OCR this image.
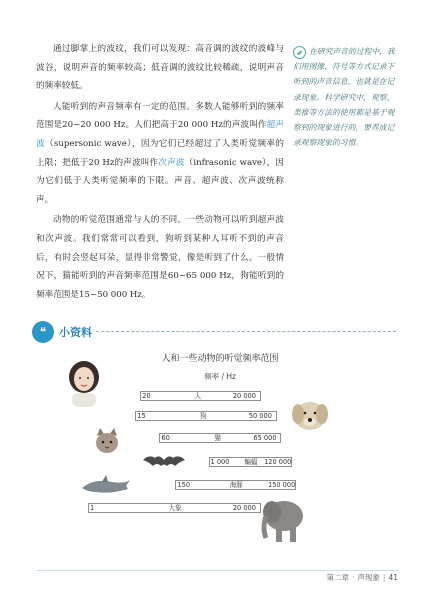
通过脚掌上的波纹，我们可以发现：高音调的波纹的波峰与波谷，说明声音的频率较高；低音调的波纹比较稀疏，说明声音的频率较低。

人能听到的声音频率有一定的范围。多数人能够听到的频率范围是20~20 000 Hz。人们把高于20 000 Hz的声波叫作超声波（supersonic wave），因为它们已经超过了人类听觉频率的上限；把低于20 Hz的声波叫作次声波（infrasonic wave），因为它们低于人类听觉频率的下限。声音、超声波、次声波统称声。

动物的听觉范围通常与人的不同。一些动物可以听到超声波和次声波。我们常常可以看到，狗听到某种人耳听不到的声音后，有时会竖起耳朵，显得非常警觉，像是听到了什么。一般情况下，猫能听到的声音频率范围是60~65 000 Hz，狗能听到的频率范围是15~50 000 Hz。

在研究声音的过程中，我们用图像、符号等方式记录下听到的声音信息，也就是在记录现象。科学研究中，观察、类推等方法的使用都是基于观察到的现象进行的，要养成记录观察现象的习惯。
❝	小资料
人和一些动物的听觉频率范围
频率 / Hz
20	人	20 000
15	狗	50 000
60	猫	65 000
1 000 蝙蝠 120 000
150	海豚	150 000
1	大象	20 000
第二章 · 声现象 | 41
